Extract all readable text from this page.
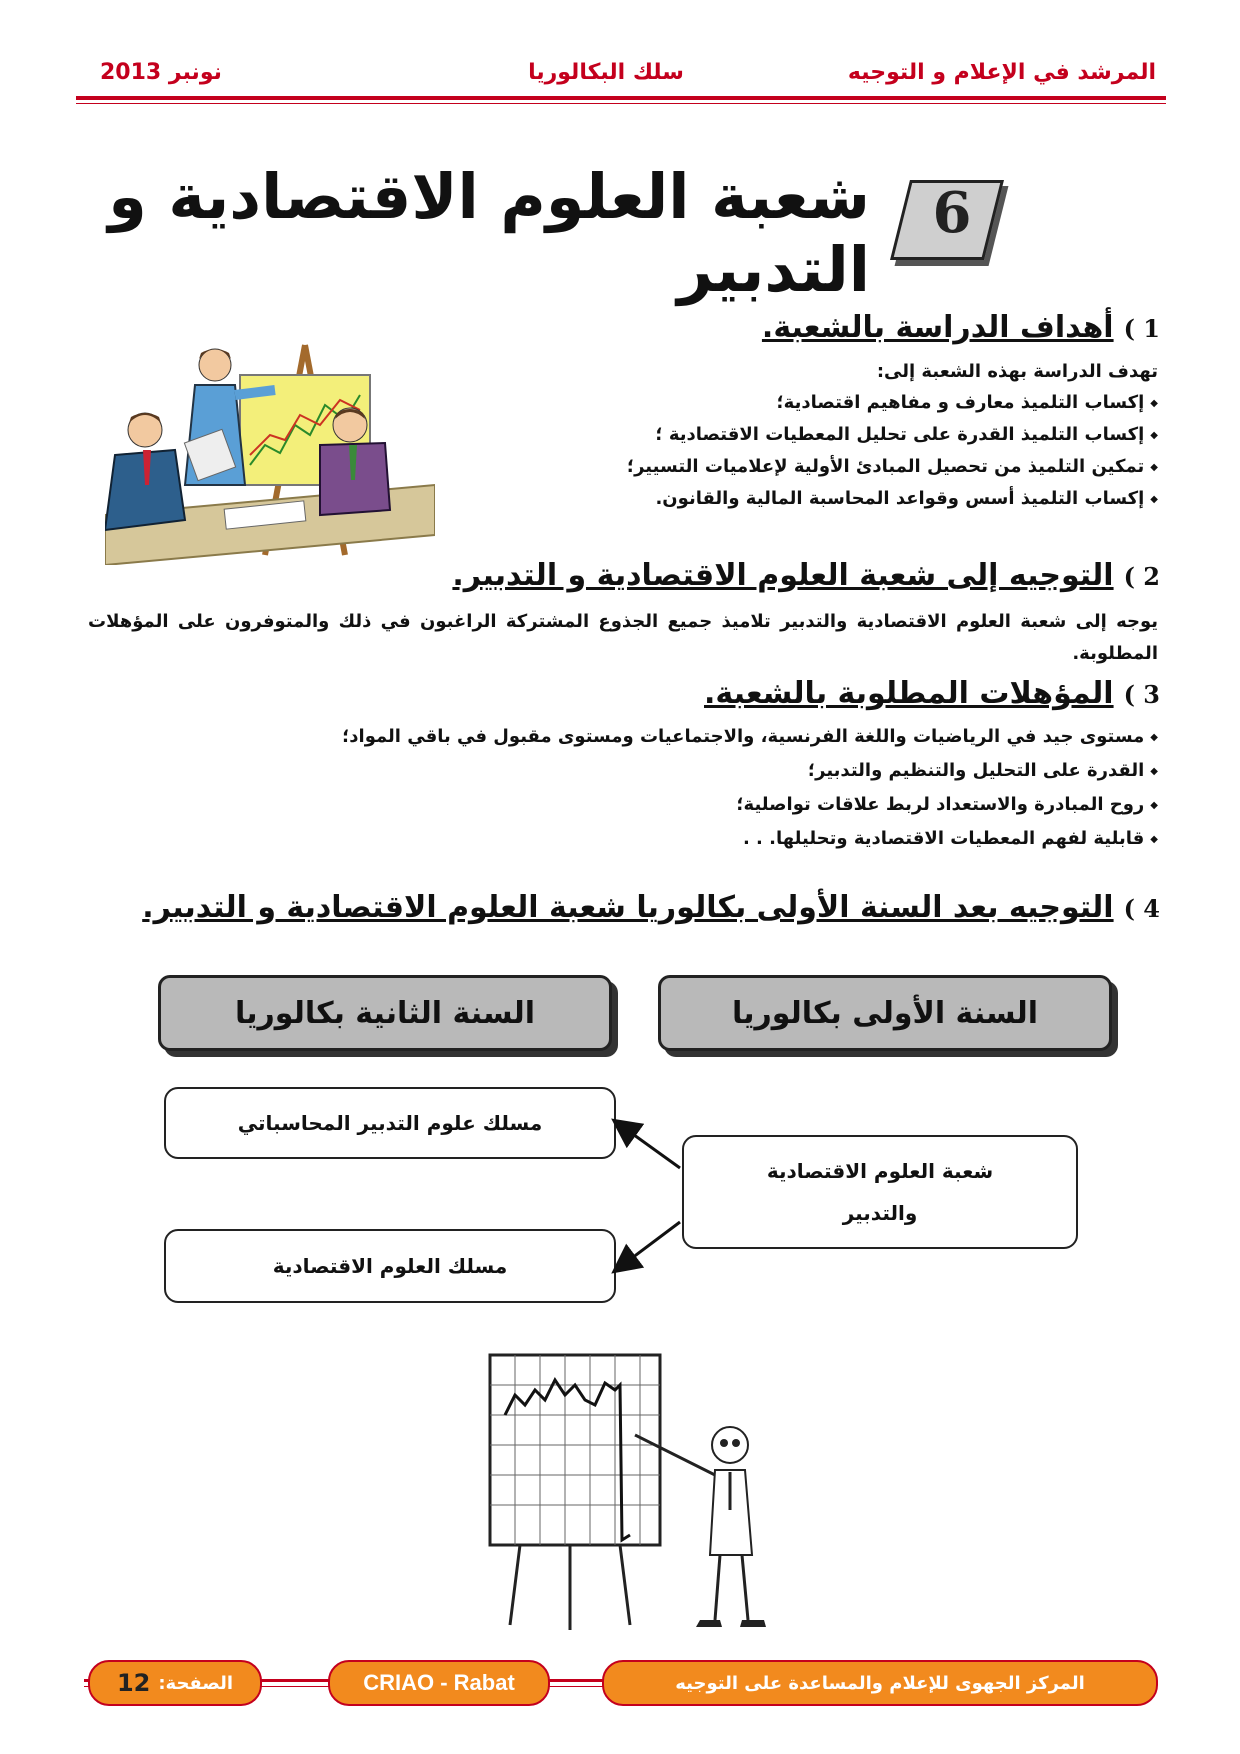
نونبر 2013	سلك البكالوريا	المرشد في الإعلام و التوجيه
6
شعبة العلوم الاقتصادية و التدبير
1 )أهداف الدراسة بالشعبة.
تهدف الدراسة بهذه الشعبة إلى:
◆ إكساب التلميذ معارف و مفاهيم اقتصادية؛
◆ إكساب التلميذ القدرة على تحليل المعطيات الاقتصادية ؛
◆ تمكين التلميذ من تحصيل المبادئ الأولية لإعلاميات التسيير؛
◆ إكساب التلميذ أسس وقواعد المحاسبة المالية والقانون.
2 )التوجيه إلى شعبة العلوم الاقتصادية و التدبير.
يوجه إلى شعبة العلوم الاقتصادية والتدبير تلاميذ جميع الجذوع المشتركة الراغبون في ذلك والمتوفرون على المؤهلات المطلوبة.
3 )المؤهلات المطلوبة بالشعبة.
◆ مستوى جيد في الرياضيات واللغة الفرنسية، والاجتماعيات ومستوى مقبول في باقي المواد؛
◆ القدرة على التحليل والتنظيم والتدبير؛
◆ روح المبادرة والاستعداد لربط علاقات تواصلية؛
◆ قابلية لفهم المعطيات الاقتصادية وتحليلها. . .
4 )التوجيه بعد السنة الأولى بكالوريا شعبة العلوم الاقتصادية و التدبير.
السنة الأولى بكالوريا
السنة الثانية بكالوريا
شعبة العلوم الاقتصادية
والتدبير
مسلك علوم التدبير المحاسباتي
مسلك العلوم الاقتصادية
الصفحة:
12	CRIAO - Rabat	المركز الجهوى للإعلام والمساعدة على التوجيه
